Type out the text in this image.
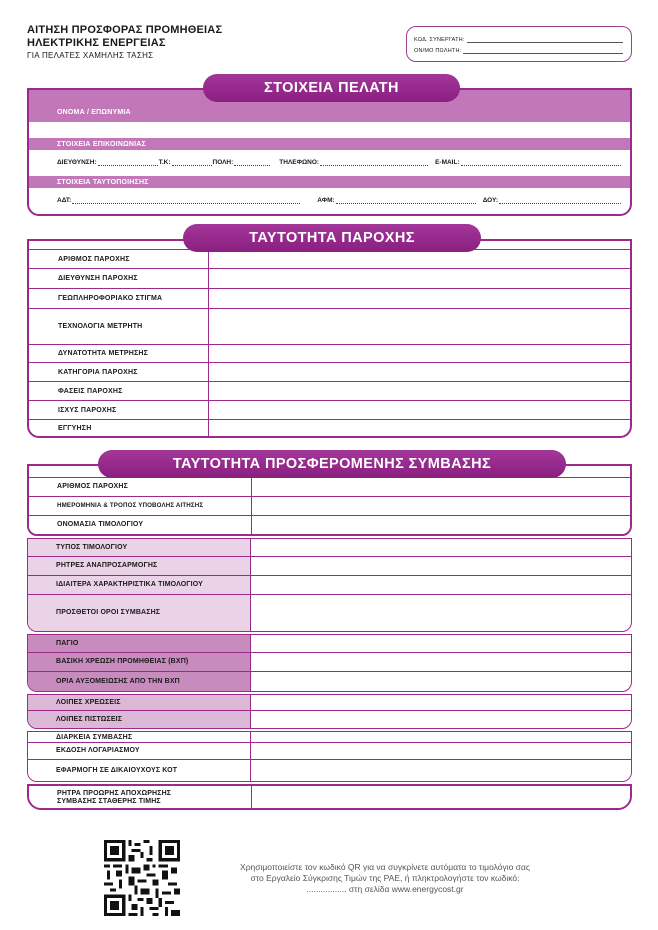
ΑΙΤΗΣΗ ΠΡΟΣΦΟΡΑΣ ΠΡΟΜΗΘΕΙΑΣ
ΗΛΕΚΤΡΙΚΗΣ ΕΝΕΡΓΕΙΑΣ
ΓΙΑ ΠΕΛΑΤΕΣ ΧΑΜΗΛΗΣ ΤΑΣΗΣ
ΚΩΔ. ΣΥΝΕΡΓΑΤΗ:
ΟΝ/ΜΟ ΠΩΛΗΤΗ:
ΣΤΟΙΧΕΙΑ ΠΕΛΑΤΗ
ΟΝΟΜΑ / ΕΠΩΝΥΜΙΑ
ΣΤΟΙΧΕΙΑ ΕΠΙΚΟΙΝΩΝΙΑΣ
ΔΙΕΥΘΥΝΣΗ:	Τ.Κ:	ΠΟΛΗ:	ΤΗΛΕΦΩΝΟ:	E-MAIL:
ΣΤΟΙΧΕΙΑ ΤΑΥΤΟΠΟΙΗΣΗΣ
ΑΔΤ:	ΑΦΜ:	ΔΟΥ:
ΤΑΥΤΟΤΗΤΑ ΠΑΡΟΧΗΣ
ΑΡΙΘΜΟΣ ΠΑΡΟΧΗΣ
ΔΙΕΥΘΥΝΣΗ ΠΑΡΟΧΗΣ
ΓΕΩΠΛΗΡΟΦΟΡΙΑΚΟ ΣΤΙΓΜΑ
ΤΕΧΝΟΛΟΓΙΑ ΜΕΤΡΗΤΗ
ΔΥΝΑΤΟΤΗΤΑ ΜΕΤΡΗΣΗΣ
ΚΑΤΗΓΟΡΙΑ ΠΑΡΟΧΗΣ
ΦΑΣΕΙΣ ΠΑΡΟΧΗΣ
ΙΣΧΥΣ ΠΑΡΟΧΗΣ
ΕΓΓΥΗΣΗ
ΤΑΥΤΟΤΗΤΑ ΠΡΟΣΦΕΡΟΜΕΝΗΣ ΣΥΜΒΑΣΗΣ
ΑΡΙΘΜΟΣ ΠΑΡΟΧΗΣ
ΗΜΕΡΟΜΗΝΙΑ & ΤΡΟΠΟΣ ΥΠΟΒΟΛΗΣ ΑΙΤΗΣΗΣ
ΟΝΟΜΑΣΙΑ ΤΙΜΟΛΟΓΙΟΥ
ΤΥΠΟΣ ΤΙΜΟΛΟΓΙΟΥ
ΡΗΤΡΕΣ ΑΝΑΠΡΟΣΑΡΜΟΓΗΣ
ΙΔΙΑΙΤΕΡΑ ΧΑΡΑΚΤΗΡΙΣΤΙΚΑ ΤΙΜΟΛΟΓΙΟΥ
ΠΡΟΣΘΕΤΟΙ ΟΡΟΙ ΣΥΜΒΑΣΗΣ
ΠΑΓΙΟ
ΒΑΣΙΚΗ ΧΡΕΩΣΗ ΠΡΟΜΗΘΕΙΑΣ (ΒΧΠ)
ΟΡΙΑ ΑΥΞΟΜΕΙΩΣΗΣ ΑΠΟ ΤΗΝ ΒΧΠ
ΛΟΙΠΕΣ ΧΡΕΩΣΕΙΣ
ΛΟΙΠΕΣ ΠΙΣΤΩΣΕΙΣ
ΔΙΑΡΚΕΙΑ ΣΥΜΒΑΣΗΣ
ΕΚΔΟΣΗ ΛΟΓΑΡΙΑΣΜΟΥ
ΕΦΑΡΜΟΓΗ ΣΕ ΔΙΚΑΙΟΥΧΟΥΣ ΚΟΤ
ΡΗΤΡΑ ΠΡΟΩΡΗΣ ΑΠΟΧΩΡΗΣΗΣ
ΣΥΜΒΑΣΗΣ ΣΤΑΘΕΡΗΣ ΤΙΜΗΣ
Χρησιμοποιείστε τον κωδικό QR για να συγκρίνετε αυτόματα το τιμολόγιο σας
στο Εργαλείο Σύγκρισης Τιμών της ΡΑΕ, ή πληκτρολογήστε τον κωδικό:
................. στη σελίδα www.energycost.gr
